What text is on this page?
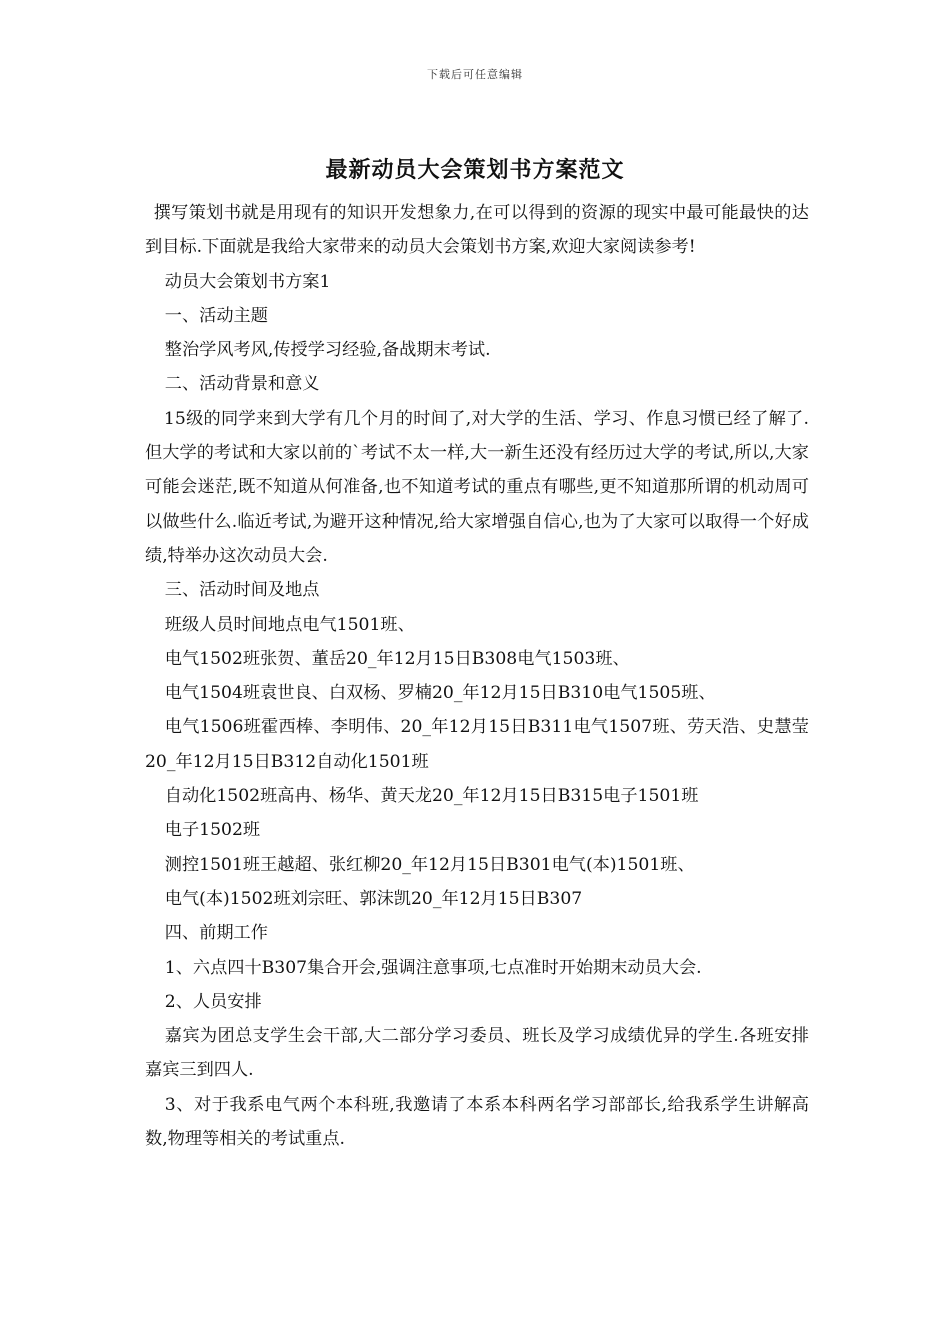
下载后可任意编辑
最新动员大会策划书方案范文

撰写策划书就是用现有的知识开发想象力,在可以得到的资源的现实中最可能最快的达到目标.下面就是我给大家带来的动员大会策划书方案,欢迎大家阅读参考!

动员大会策划书方案1

一、活动主题

整治学风考风,传授学习经验,备战期末考试.

二、活动背景和意义

15级的同学来到大学有几个月的时间了,对大学的生活、学习、作息习惯已经了解了.但大学的考试和大家以前的`考试不太一样,大一新生还没有经历过大学的考试,所以,大家可能会迷茫,既不知道从何准备,也不知道考试的重点有哪些,更不知道那所谓的机动周可以做些什么.临近考试,为避开这种情况,给大家增强自信心,也为了大家可以取得一个好成绩,特举办这次动员大会.

三、活动时间及地点

班级人员时间地点电气1501班、

电气1502班张贺、董岳20_年12月15日B308电气1503班、

电气1504班袁世良、白双杨、罗楠20_年12月15日B310电气1505班、

电气1506班霍西棒、李明伟、20_年12月15日B311电气1507班、劳天浩、史慧莹20_年12月15日B312自动化1501班

自动化1502班高冉、杨华、黄天龙20_年12月15日B315电子1501班

电子1502班

测控1501班王越超、张红柳20_年12月15日B301电气(本)1501班、

电气(本)1502班刘宗旺、郭沫凯20_年12月15日B307

四、前期工作

1、六点四十B307集合开会,强调注意事项,七点准时开始期末动员大会.

2、人员安排

嘉宾为团总支学生会干部,大二部分学习委员、班长及学习成绩优异的学生.各班安排嘉宾三到四人.

3、对于我系电气两个本科班,我邀请了本系本科两名学习部部长,给我系学生讲解高数,物理等相关的考试重点.
